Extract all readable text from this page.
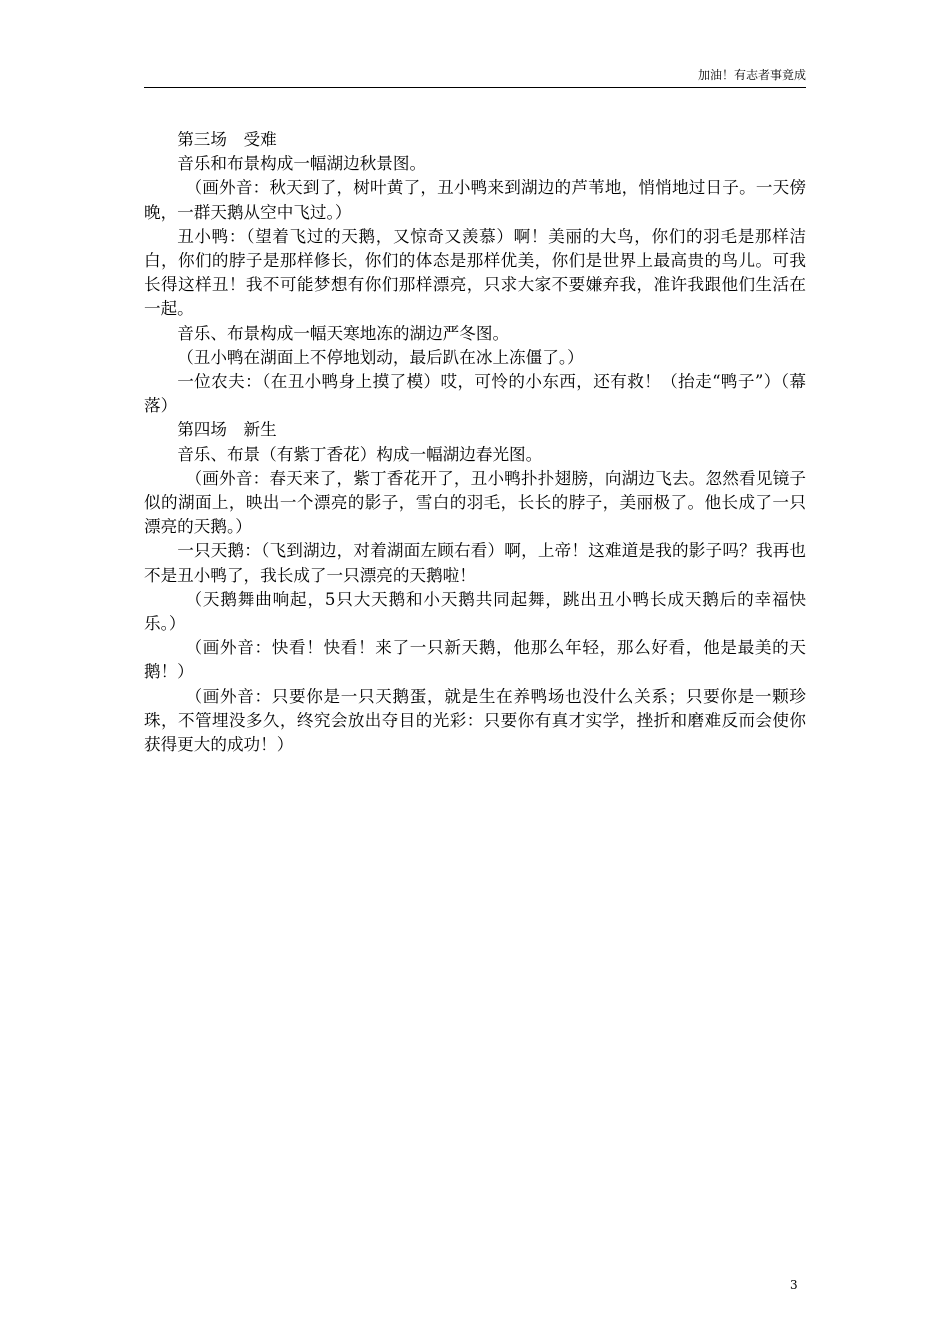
加油！有志者事竟成

第三场　受难

音乐和布景构成一幅湖边秋景图。

（画外音：秋天到了，树叶黄了，丑小鸭来到湖边的芦苇地，悄悄地过日子。一天傍晚，一群天鹅从空中飞过。）

丑小鸭：（望着飞过的天鹅，又惊奇又羡慕）啊！美丽的大鸟，你们的羽毛是那样洁白，你们的脖子是那样修长，你们的体态是那样优美，你们是世界上最高贵的鸟儿。可我长得这样丑！我不可能梦想有你们那样漂亮，只求大家不要嫌弃我，准许我跟他们生活在一起。

音乐、布景构成一幅天寒地冻的湖边严冬图。

（丑小鸭在湖面上不停地划动，最后趴在冰上冻僵了。）

一位农夫：（在丑小鸭身上摸了模）哎，可怜的小东西，还有救！（抬走“鸭子”）（幕落）

第四场　新生

音乐、布景（有紫丁香花）构成一幅湖边春光图。

（画外音：春天来了，紫丁香花开了，丑小鸭扑扑翅膀，向湖边飞去。忽然看见镜子似的湖面上，映出一个漂亮的影子，雪白的羽毛，长长的脖子，美丽极了。他长成了一只漂亮的天鹅。）

一只天鹅：（飞到湖边，对着湖面左顾右看）啊，上帝！这难道是我的影子吗？我再也不是丑小鸭了，我长成了一只漂亮的天鹅啦！

（天鹅舞曲响起，5只大天鹅和小天鹅共同起舞，跳出丑小鸭长成天鹅后的幸福快乐。）

（画外音：快看！快看！来了一只新天鹅，他那么年轻，那么好看，他是最美的天鹅！）

（画外音：只要你是一只天鹅蛋，就是生在养鸭场也没什么关系；只要你是一颗珍珠，不管埋没多久，终究会放出夺目的光彩：只要你有真才实学，挫折和磨难反而会使你获得更大的成功！）

3
